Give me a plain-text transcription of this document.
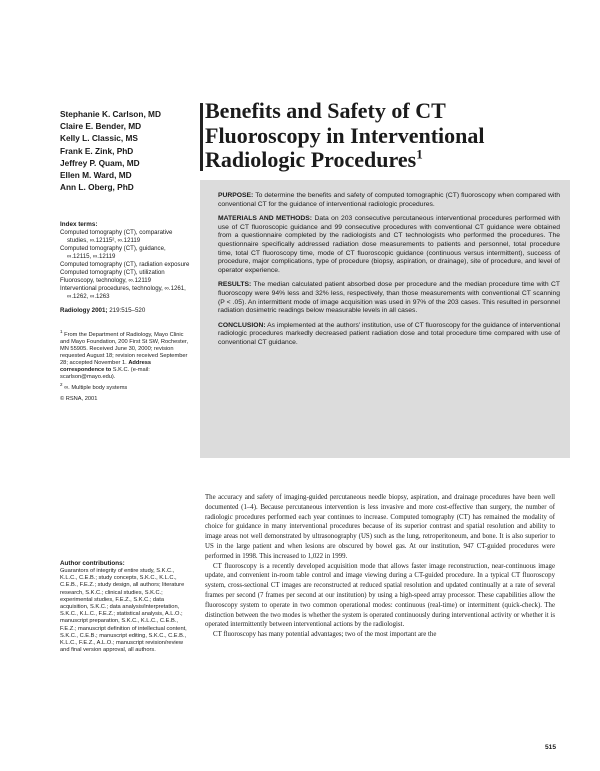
Stephanie K. Carlson, MD
Claire E. Bender, MD
Kelly L. Classic, MS
Frank E. Zink, PhD
Jeffrey P. Quam, MD
Ellen M. Ward, MD
Ann L. Oberg, PhD
Index terms:
Computed tomography (CT), comparative studies, ∞.12115², ∞.12119
Computed tomography (CT), guidance, ∞.12115, ∞.12119
Computed tomography (CT), radiation exposure
Computed tomography (CT), utilization
Fluoroscopy, technology, ∞.12119
Interventional procedures, technology, ∞.1261, ∞.1262, ∞.1263
Radiology 2001; 219:515–520
$^1$ From the Department of Radiology, Mayo Clinic and Mayo Foundation, 200 First St SW, Rochester, MN 55905. Received June 30, 2000; revision requested August 18; revision received September 28; accepted November 1. Address correspondence to S.K.C. (e-mail: scarlson@mayo.edu).
$^2$ ∞. Multiple body systems
© RSNA, 2001
Author contributions:
Guarantors of integrity of entire study, S.K.C., K.L.C., C.E.B.; study concepts, S.K.C., K.L.C., C.E.B., F.E.Z.; study design, all authors; literature research, S.K.C.; clinical studies, S.K.C.; experimental studies, F.E.Z., S.K.C.; data acquisition, S.K.C.; data analysis/interpretation, S.K.C., K.L.C., F.E.Z.; statistical analysis, A.L.O.; manuscript preparation, S.K.C., K.L.C., C.E.B., F.E.Z.; manuscript definition of intellectual content, S.K.C., C.E.B.; manuscript editing, S.K.C., C.E.B., K.L.C., F.E.Z., A.L.O.; manuscript revision/review and final version approval, all authors.
Benefits and Safety of CT Fluoroscopy in Interventional Radiologic Procedures$^1$

PURPOSE: To determine the benefits and safety of computed tomographic (CT) fluoroscopy when compared with conventional CT for the guidance of interventional radiologic procedures.

MATERIALS AND METHODS: Data on 203 consecutive percutaneous interventional procedures performed with use of CT fluoroscopic guidance and 99 consecutive procedures with conventional CT guidance were obtained from a questionnaire completed by the radiologists and CT technologists who performed the procedures. The questionnaire specifically addressed radiation dose measurements to patients and personnel, total procedure time, total CT fluoroscopy time, mode of CT fluoroscopic guidance (continuous versus intermittent), success of procedure, major complications, type of procedure (biopsy, aspiration, or drainage), site of procedure, and level of operator experience.

RESULTS: The median calculated patient absorbed dose per procedure and the median procedure time with CT fluoroscopy were 94% less and 32% less, respectively, than those measurements with conventional CT scanning (P < .05). An intermittent mode of image acquisition was used in 97% of the 203 cases. This resulted in personnel radiation dosimetric readings below measurable levels in all cases.

CONCLUSION: As implemented at the authors' institution, use of CT fluoroscopy for the guidance of interventional radiologic procedures markedly decreased patient radiation dose and total procedure time compared with use of conventional CT guidance.

The accuracy and safety of imaging-guided percutaneous needle biopsy, aspiration, and drainage procedures have been well documented (1–4). Because percutaneous intervention is less invasive and more cost-effective than surgery, the number of radiologic procedures performed each year continues to increase. Computed tomography (CT) has remained the modality of choice for guidance in many interventional procedures because of its superior contrast and spatial resolution and ability to image areas not well demonstrated by ultrasonography (US) such as the lung, retroperitoneum, and bone. It is also superior to US in the large patient and when lesions are obscured by bowel gas. At our institution, 947 CT-guided procedures were performed in 1998. This increased to 1,022 in 1999.

CT fluoroscopy is a recently developed acquisition mode that allows faster image reconstruction, near-continuous image update, and convenient in-room table control and image viewing during a CT-guided procedure. In a typical CT fluoroscopy system, cross-sectional CT images are reconstructed at reduced spatial resolution and updated continually at a rate of several frames per second (7 frames per second at our institution) by using a high-speed array processor. These capabilities allow the fluoroscopy system to operate in two common operational modes: continuous (real-time) or intermittent (quick-check). The distinction between the two modes is whether the system is operated continuously during interventional activity or whether it is operated intermittently between interventional actions by the radiologist.

CT fluoroscopy has many potential advantages; two of the most important are the

515
